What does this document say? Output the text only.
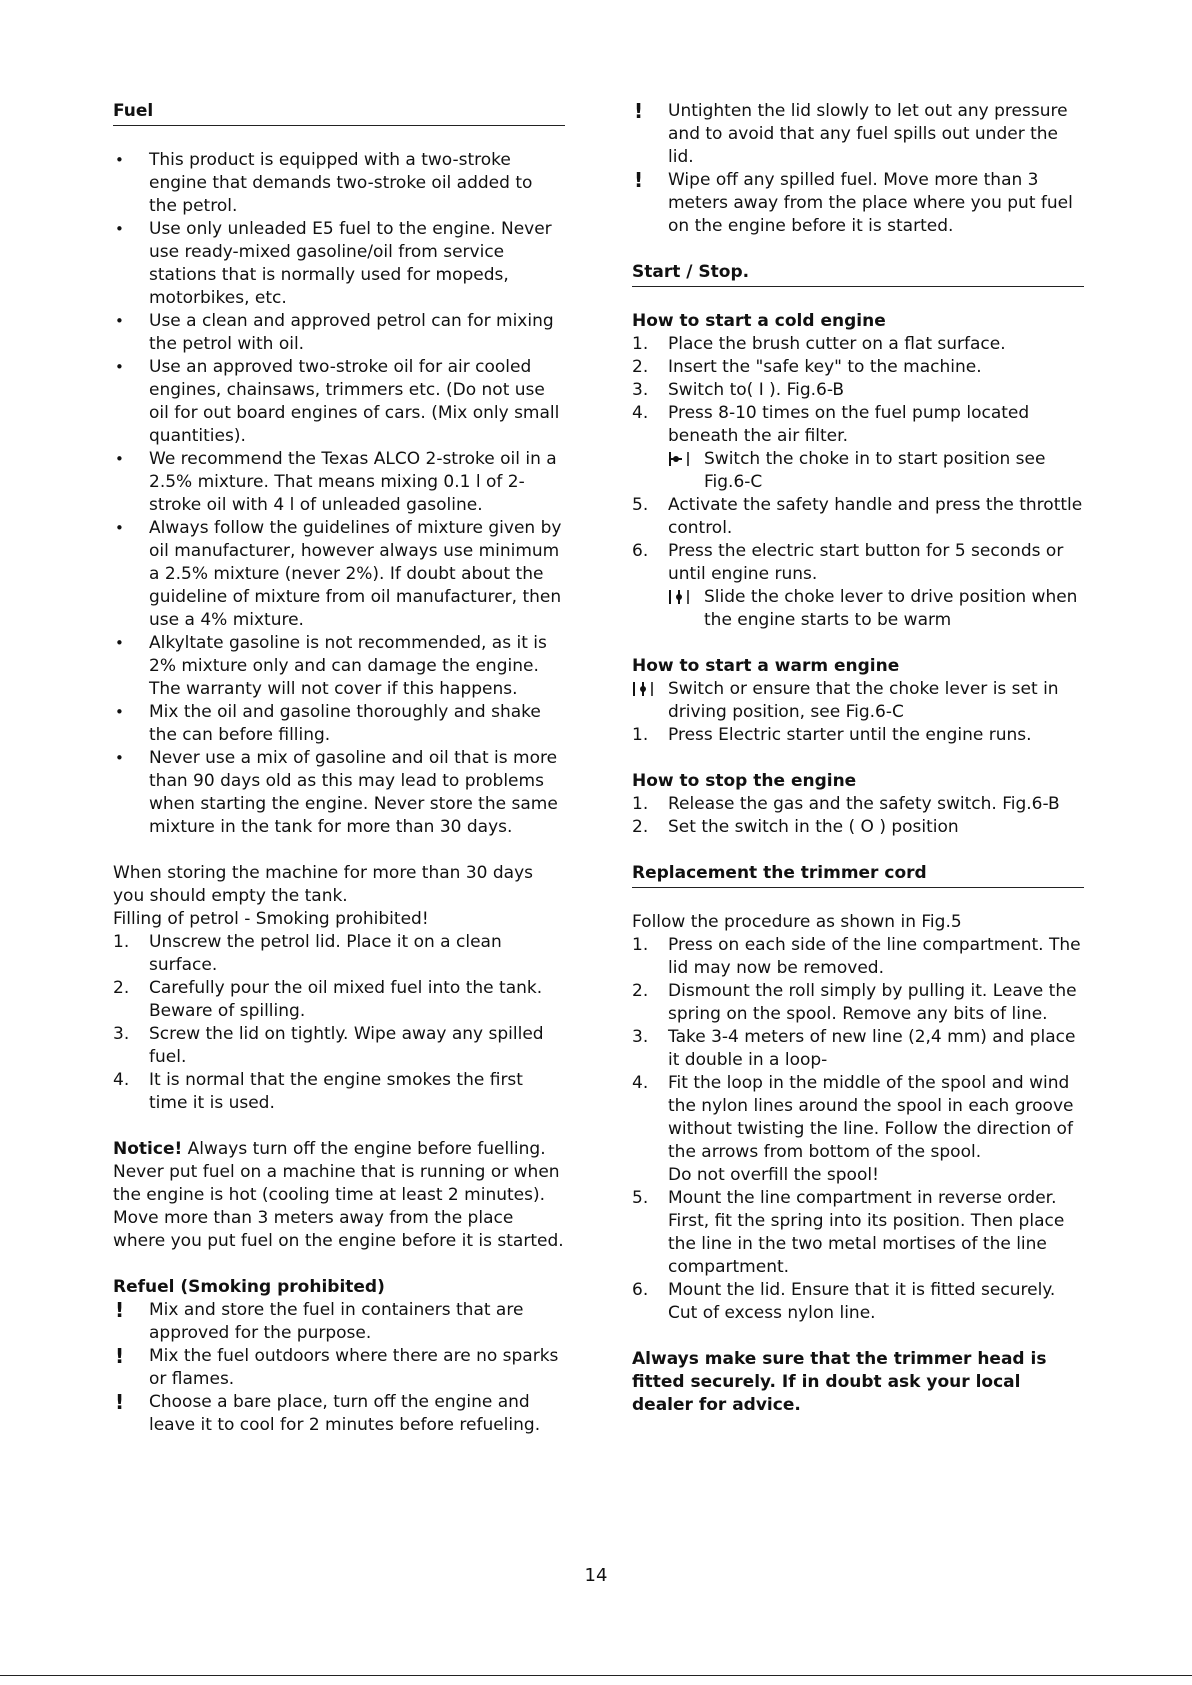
Fuel

•	This product is equipped with a two-stroke engine that demands two-stroke oil added to the petrol.
•	Use only unleaded E5 fuel to the engine. Never use ready-mixed gasoline/oil from service stations that is normally used for mopeds, motorbikes, etc.
•	Use a clean and approved petrol can for mixing the petrol with oil.
•	Use an approved two-stroke oil for air cooled engines, chainsaws, trimmers etc. (Do not use oil for out board engines of cars. (Mix only small quantities).
•	We recommend the Texas ALCO 2-stroke oil in a 2.5% mixture. That means mixing 0.1 l of 2-stroke oil with 4 l of unleaded gasoline.
•	Always follow the guidelines of mixture given by oil manufacturer, however always use minimum a 2.5% mixture (never 2%). If doubt about the guideline of mixture from oil manufacturer, then use a 4% mixture.
•	Alkyltate gasoline is not recommended, as it is 2% mixture only and can damage the engine. The warranty will not cover if this happens.
•	Mix the oil and gasoline thoroughly and shake the can before filling.
•	Never use a mix of gasoline and oil that is more than 90 days old as this may lead to problems when starting the engine. Never store the same mixture in the tank for more than 30 days.

When storing the machine for more than 30 days you should empty the tank.

Filling of petrol - Smoking prohibited!

1.	Unscrew the petrol lid. Place it on a clean surface.
2.	Carefully pour the oil mixed fuel into the tank. Beware of spilling.
3.	Screw the lid on tightly. Wipe away any spilled fuel.
4.	It is normal that the engine smokes the first time it is used.

Notice! Always turn off the engine before fuelling. Never put fuel on a machine that is running or when the engine is hot (cooling time at least 2 minutes). Move more than 3 meters away from the place where you put fuel on the engine before it is started.

Refuel (Smoking prohibited)

!	Mix and store the fuel in containers that are approved for the purpose.
!	Mix the fuel outdoors where there are no sparks or flames.
!	Choose a bare place, turn off the engine and leave it to cool for 2 minutes before refueling.
!	Untighten the lid slowly to let out any pressure and to avoid that any fuel spills out under the lid.
!	Wipe off any spilled fuel. Move more than 3 meters away from the place where you put fuel on the engine before it is started.

Start / Stop.

How to start a cold engine

1.	Place the brush cutter on a flat surface.
2.	Insert the "safe key" to the machine.
3.	Switch to( I ). Fig.6-B
4.	Press 8-10 times on the fuel pump located beneath the air filter.
Switch the choke in to start position see Fig.6-C
5.	Activate the safety handle and press the throttle control.
6.	Press the electric start button for 5 seconds or until engine runs.
Slide the choke lever to drive position when the engine starts to be warm

How to start a warm engine

Switch or ensure that the choke lever is set in driving position, see Fig.6-C
1.	Press Electric starter until the engine runs.

How to stop the engine

1.	Release the gas and the safety switch. Fig.6-B
2.	Set the switch in the ( O ) position

Replacement the trimmer cord

Follow the procedure as shown in Fig.5

1.	Press on each side of the line compartment. The lid may now be removed.
2.	Dismount the roll simply by pulling it. Leave the spring on the spool. Remove any bits of line.
3.	Take 3-4 meters of new line (2,4 mm) and place it double in a loop-
4.	Fit the loop in the middle of the spool and wind the nylon lines around the spool in each groove without twisting the line. Follow the direction of the arrows from bottom of the spool.
Do not overfill the spool!
5.	Mount the line compartment in reverse order. First, fit the spring into its position. Then place the line in the two metal mortises of the line compartment.
6.	Mount the lid. Ensure that it is fitted securely. Cut of excess nylon line.

Always make sure that the trimmer head is fitted securely. If in doubt ask your local dealer for advice.

14
